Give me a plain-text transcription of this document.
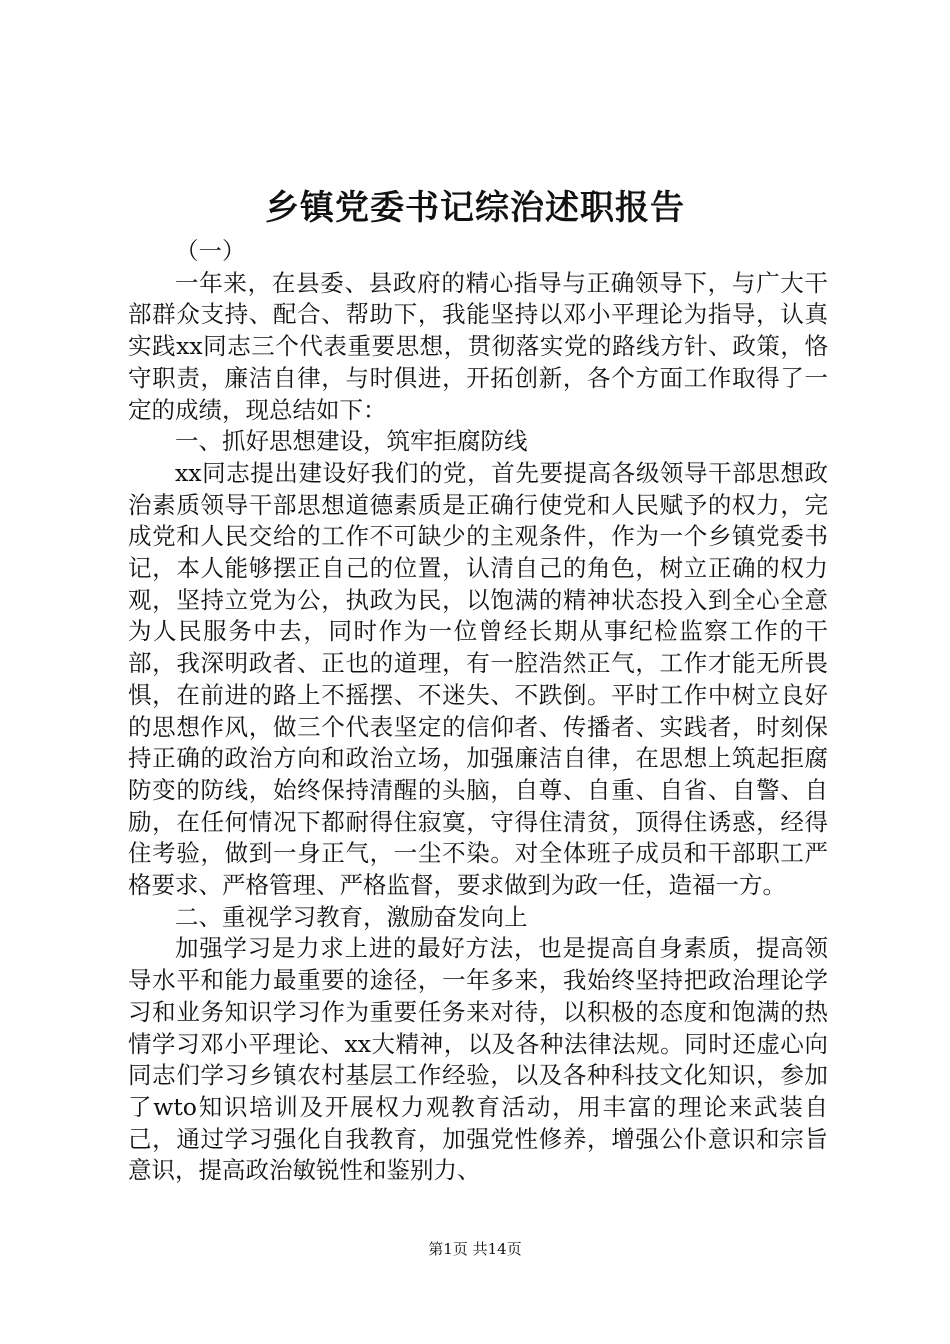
乡镇党委书记综治述职报告

（一）

一年来，在县委、县政府的精心指导与正确领导下，与广大干部群众支持、配合、帮助下，我能坚持以邓小平理论为指导，认真实践xx同志三个代表重要思想，贯彻落实党的路线方针、政策，恪守职责，廉洁自律，与时俱进，开拓创新，各个方面工作取得了一定的成绩，现总结如下：

一、抓好思想建设，筑牢拒腐防线

xx同志提出建设好我们的党，首先要提高各级领导干部思想政治素质领导干部思想道德素质是正确行使党和人民赋予的权力，完成党和人民交给的工作不可缺少的主观条件，作为一个乡镇党委书记，本人能够摆正自己的位置，认清自己的角色，树立正确的权力观，坚持立党为公，执政为民，以饱满的精神状态投入到全心全意为人民服务中去，同时作为一位曾经长期从事纪检监察工作的干部，我深明政者、正也的道理，有一腔浩然正气，工作才能无所畏惧，在前进的路上不摇摆、不迷失、不跌倒。平时工作中树立良好的思想作风，做三个代表坚定的信仰者、传播者、实践者，时刻保持正确的政治方向和政治立场，加强廉洁自律，在思想上筑起拒腐防变的防线，始终保持清醒的头脑，自尊、自重、自省、自警、自励，在任何情况下都耐得住寂寞，守得住清贫，顶得住诱惑，经得住考验，做到一身正气，一尘不染。对全体班子成员和干部职工严格要求、严格管理、严格监督，要求做到为政一任，造福一方。

二、重视学习教育，激励奋发向上

加强学习是力求上进的最好方法，也是提高自身素质，提高领导水平和能力最重要的途径，一年多来，我始终坚持把政治理论学习和业务知识学习作为重要任务来对待，以积极的态度和饱满的热情学习邓小平理论、xx大精神，以及各种法律法规。同时还虚心向同志们学习乡镇农村基层工作经验，以及各种科技文化知识，参加了wto知识培训及开展权力观教育活动，用丰富的理论来武装自己，通过学习强化自我教育，加强党性修养，增强公仆意识和宗旨意识，提高政治敏锐性和鉴别力、

第1页 共14页
